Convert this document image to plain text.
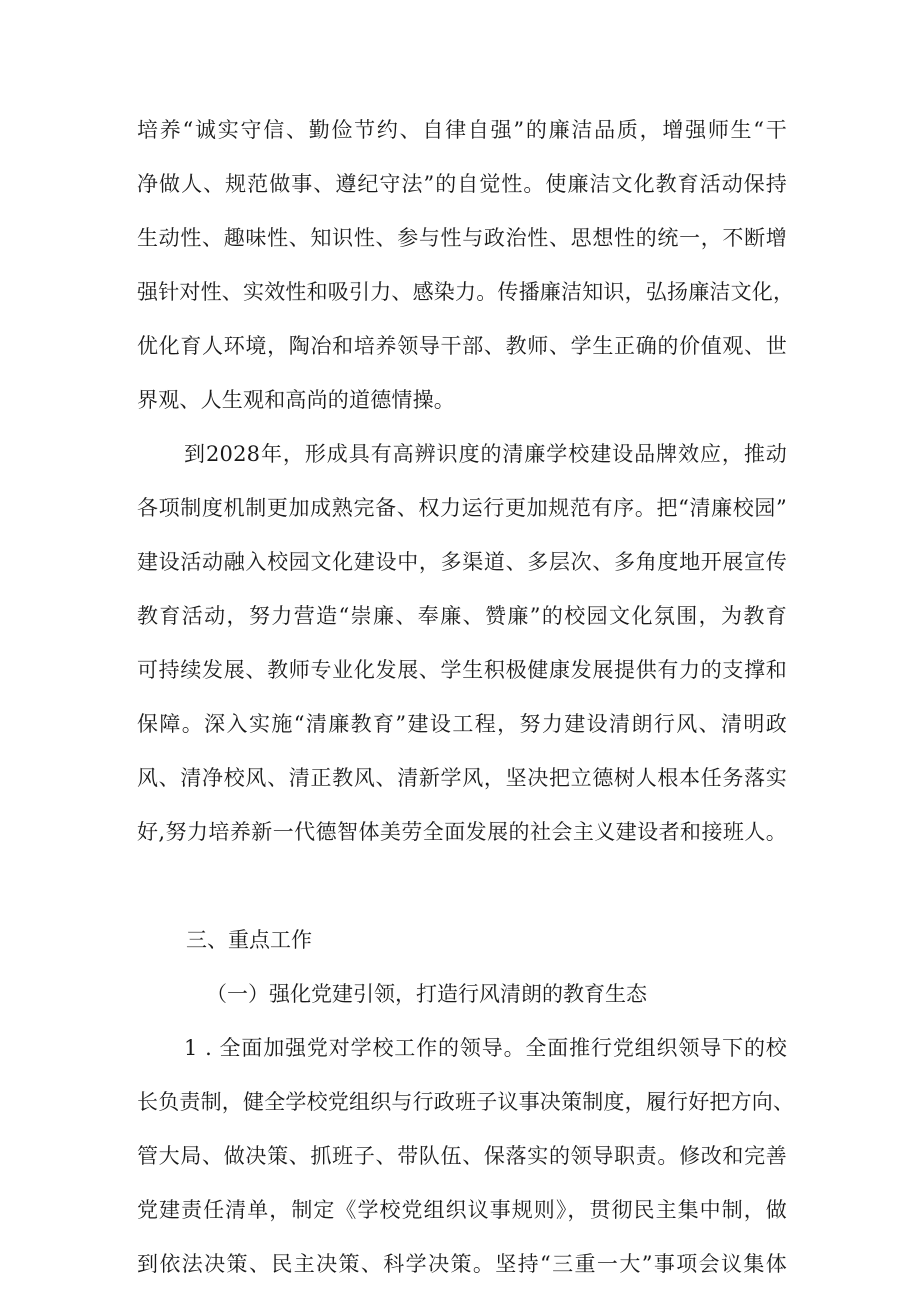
培养“诚实守信、勤俭节约、自律自强”的廉洁品质，增强师生“干
净做人、规范做事、遵纪守法”的自觉性。使廉洁文化教育活动保持
生动性、趣味性、知识性、参与性与政治性、思想性的统一，不断增
强针对性、实效性和吸引力、感染力。传播廉洁知识，弘扬廉洁文化，
优化育人环境，陶冶和培养领导干部、教师、学生正确的价值观、世
界观、人生观和高尚的道德情操。
到2028年，形成具有高辨识度的清廉学校建设品牌效应，推动
各项制度机制更加成熟完备、权力运行更加规范有序。把“清廉校园”
建设活动融入校园文化建设中，多渠道、多层次、多角度地开展宣传
教育活动，努力营造“崇廉、奉廉、赞廉”的校园文化氛围，为教育
可持续发展、教师专业化发展、学生积极健康发展提供有力的支撑和
保障。深入实施“清廉教育”建设工程，努力建设清朗行风、清明政
风、清净校风、清正教风、清新学风，坚决把立德树人根本任务落实
好,努力培养新一代德智体美劳全面发展的社会主义建设者和接班人。
三、重点工作
（一）强化党建引领，打造行风清朗的教育生态
1 . 全面加强党对学校工作的领导。全面推行党组织领导下的校
长负责制，健全学校党组织与行政班子议事决策制度，履行好把方向、
管大局、做决策、抓班子、带队伍、保落实的领导职责。修改和完善
党建责任清单，制定《学校党组织议事规则》，贯彻民主集中制，做
到依法决策、民主决策、科学决策。坚持“三重一大”事项会议集体
